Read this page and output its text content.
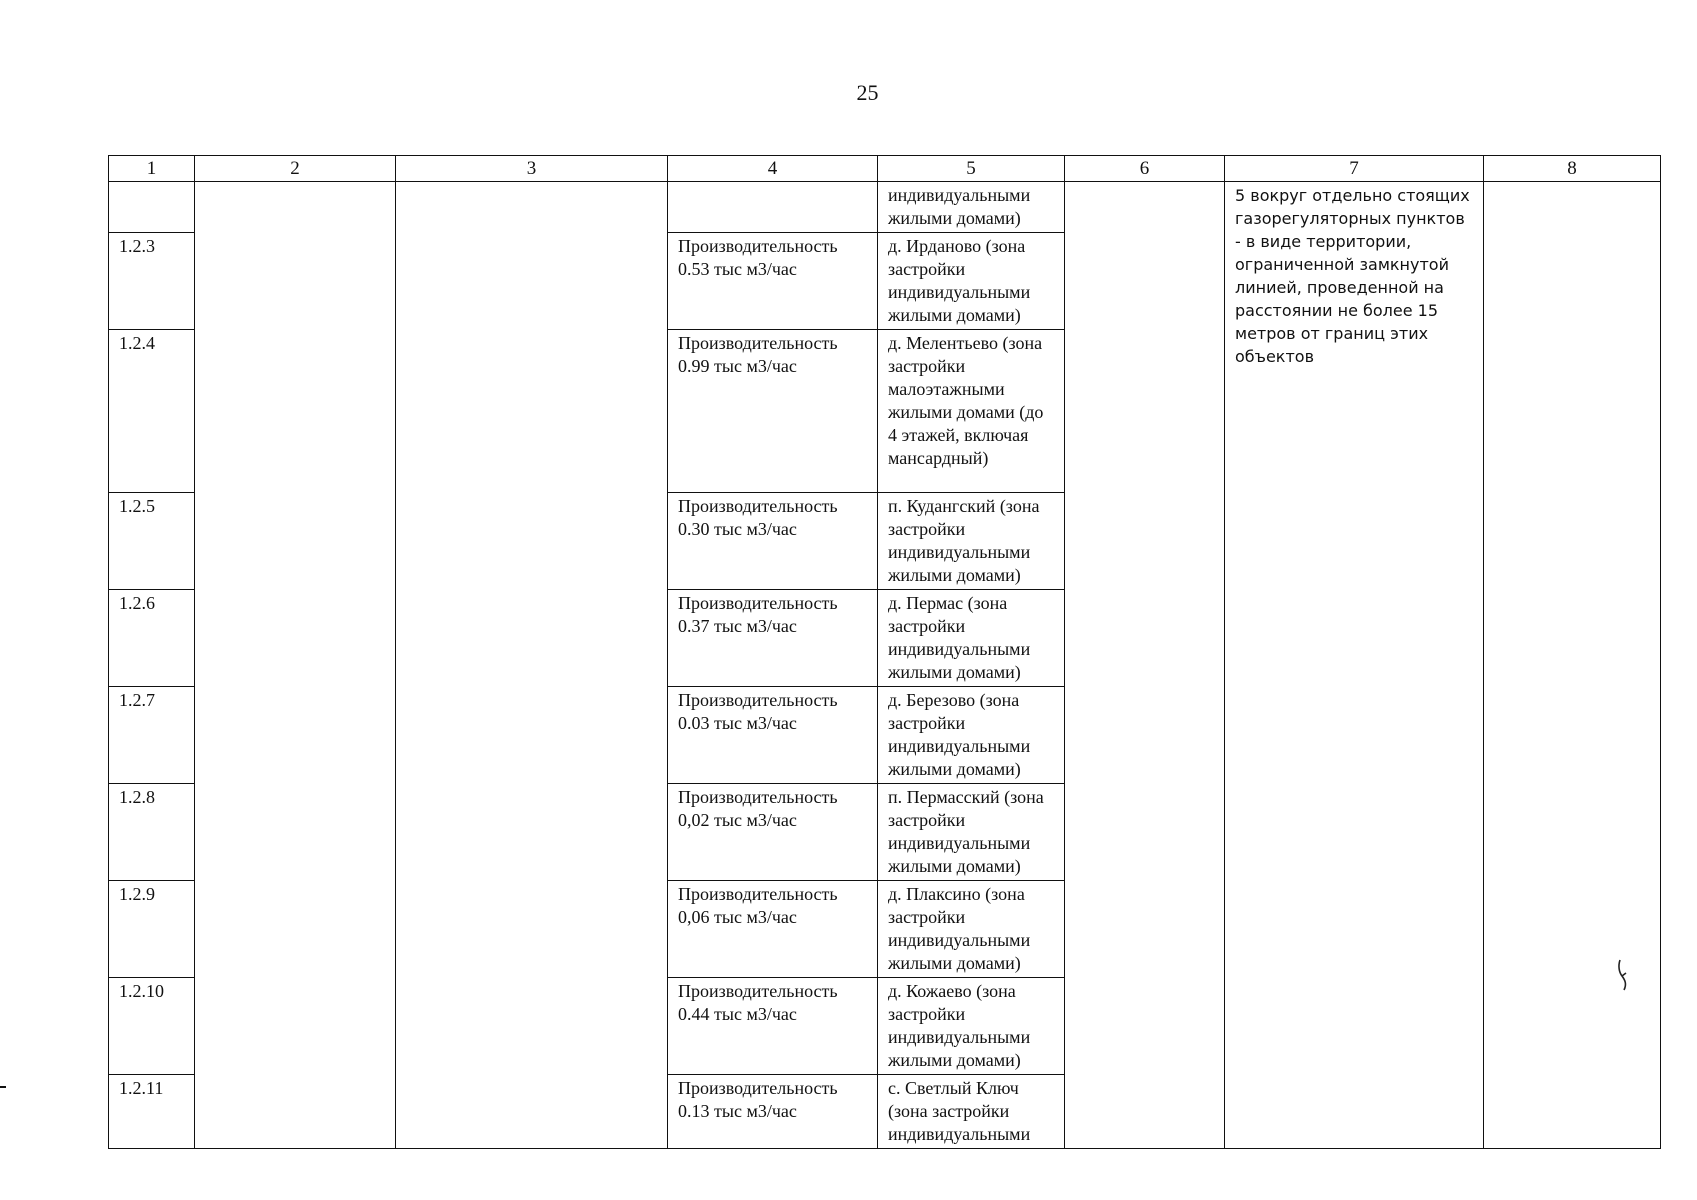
25
1	2	3	4	5	6	7	8
				индивидуальными жилыми домами)		5 вокруг отдельно стоящих газорегуляторных пунктов - в виде территории, ограниченной замкнутой линией, проведенной на расстоянии не более 15 метров от границ этих объектов	
1.2.3			Производительность 0.53 тыс м3/час	д. Ирданово (зона застройки индивидуальными жилыми домами)			
1.2.4			Производительность 0.99 тыс м3/час	д. Мелентьево (зона застройки малоэтажными жилыми домами (до 4 этажей, включая мансардный)			
1.2.5			Производительность 0.30 тыс м3/час	п. Кудангский (зона застройки индивидуальными жилыми домами)			
1.2.6			Производительность 0.37 тыс м3/час	д. Пермас (зона застройки индивидуальными жилыми домами)			
1.2.7			Производительность 0.03 тыс м3/час	д. Березово (зона застройки индивидуальными жилыми домами)			
1.2.8			Производительность 0,02 тыс м3/час	п. Пермасский (зона застройки индивидуальными жилыми домами)			
1.2.9			Производительность 0,06 тыс м3/час	д. Плаксино (зона застройки индивидуальными жилыми домами)			
1.2.10			Производительность 0.44 тыс м3/час	д. Кожаево (зона застройки индивидуальными жилыми домами)			
1.2.11			Производительность 0.13 тыс м3/час	с. Светлый Ключ (зона застройки индивидуальными			
